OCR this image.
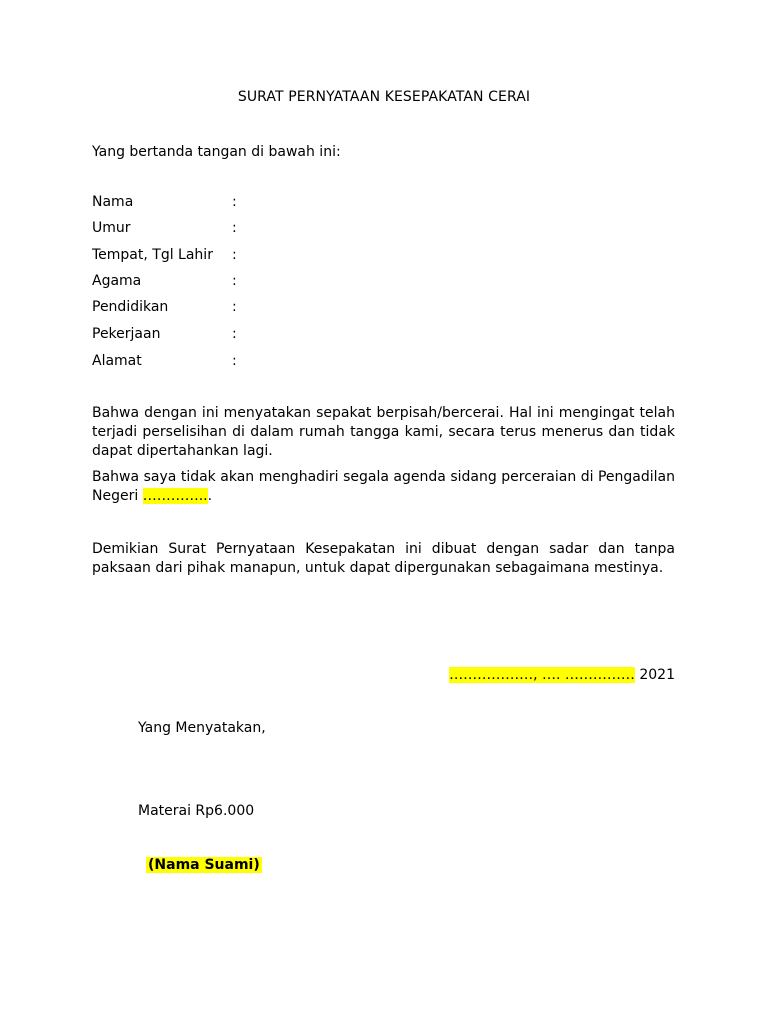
SURAT PERNYATAAN KESEPAKATAN CERAI
Yang bertanda tangan di bawah ini:
Nama	:
Umur	:
Tempat, Tgl Lahir :
Agama	:
Pendidikan	:
Pekerjaan	:
Alamat	:
Bahwa dengan ini menyatakan sepakat berpisah/bercerai. Hal ini mengingat telah terjadi perselisihan di dalam rumah tangga kami, secara terus menerus dan tidak dapat dipertahankan lagi.
Bahwa saya tidak akan menghadiri segala agenda sidang perceraian di Pengadilan Negeri …………...
Demikian Surat Pernyataan Kesepakatan ini dibuat dengan sadar dan tanpa paksaan dari pihak manapun, untuk dapat dipergunakan sebagaimana mestinya.
………………, …. …………… 2021
Yang Menyatakan,
Materai Rp6.000
(Nama Suami)
